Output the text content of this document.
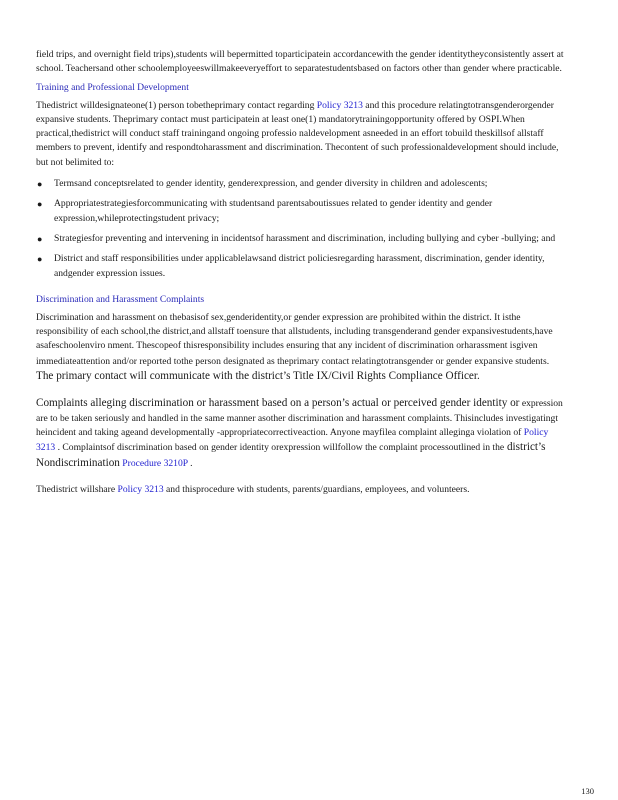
field trips, and overnight field trips),students will bepermitted toparticipatein accordancewith the gender identitytheyconsistently assert at school. Teachersand other schoolemployeeswillmakeeveryeffort to separatestudentsbased on factors other than gender where practicable.

Training and Professional Development

Thedistrict willdesignateone(1) person tobetheprimary contact regarding Policy 3213 and this procedure relatingtotransgenderorgender expansive students. Theprimary contact must participatein at least one(1) mandatorytrainingopportunity offered by OSPI.When practical,thedistrict will conduct staff trainingand ongoing professio naldevelopment asneeded in an effort tobuild theskillsof allstaff members to prevent, identify and respondtoharassment and discrimination. Thecontent of such professionaldevelopment should include, but not belimited to:

● Termsand conceptsrelated to gender identity, genderexpression, and gender diversity in children and adolescents;
● Appropriatestrategiesforcommunicating with studentsand parentsaboutissues related to gender identity and gender expression,whileprotectingstudent privacy;
● Strategiesfor preventing and intervening in incidentsof harassment and discrimination, including bullying and cyber -bullying; and
● District and staff responsibilities under applicablelawsand district policiesregarding harassment, discrimination, gender identity, andgender expression issues.

Discrimination and Harassment Complaints

Discrimination and harassment on thebasisof sex,genderidentity,or gender expression are prohibited within the district. It isthe responsibility of each school,the district,and allstaff toensure that allstudents, including transgenderand gender expansivestudents,have asafeschoolenviro nment. Thescopeof thisresponsibility includes ensuring that any incident of discrimination orharassment isgiven immediateattention and/or reported tothe person designated as theprimary contact relatingtotransgender or gender expansive students. The primary contact will communicate with the district’s Title IX/Civil Rights Compliance Officer.

Complaints alleging discrimination or harassment based on a person’s actual or perceived gender identity or expression are to be taken seriously and handled in the same manner asother discrimination and harassment complaints. Thisincludes investigatingt heincident and taking ageand developmentally -appropriatecorrectiveaction. Anyone mayfilea complaint allegingа violation of Policy 3213 . Complaintsof discrimination based on gender identity orexpression willfollow the complaint processoutlined in the district’s Nondiscrimination Procedure 3210P .

Thedistrict willshare Policy 3213 and thisprocedure with students, parents/guardians, employees, and volunteers.

130
